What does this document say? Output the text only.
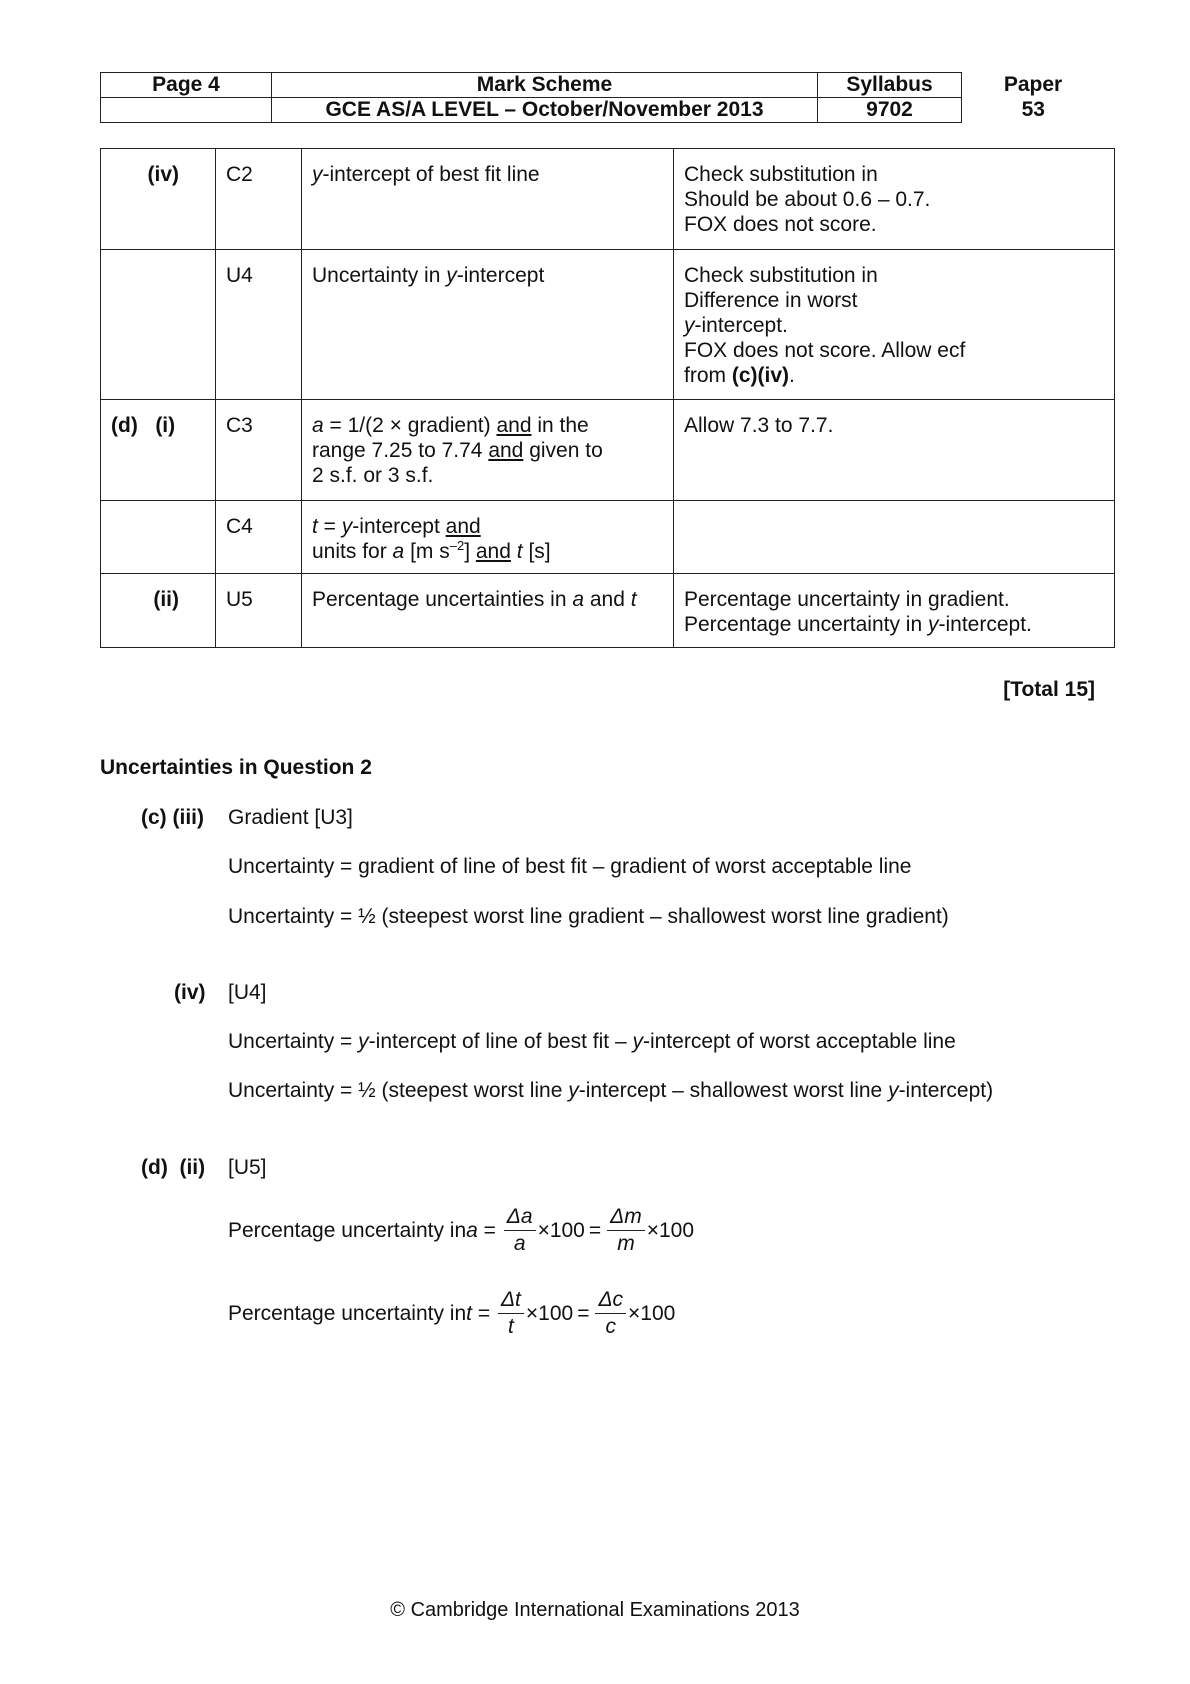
Page 4	Mark Scheme	Syllabus	Paper
	GCE AS/A LEVEL – October/November 2013	9702	53
(iv)	C2	y-intercept of best fit line	Check substitution in
Should be about 0.6 – 0.7.
FOX does not score.
	U4	Uncertainty in y-intercept	Check substitution in
Difference in worst
y-intercept.
FOX does not score. Allow ecf
from (c)(iv).
(d)   (i)	C3	a = 1/(2 × gradient) and in the
range 7.25 to 7.74 and given to
2 s.f. or 3 s.f.	Allow 7.3 to 7.7.
	C4	t = y-intercept and
units for a [m $s^{-2}$] and t [s]	
(ii)	U5	Percentage uncertainties in a and t	Percentage uncertainty in gradient.
Percentage uncertainty in y-intercept.
[Total 15]
Uncertainties in Question 2
(c) (iii) Gradient [U3]
Uncertainty = gradient of line of best fit – gradient of worst acceptable line
Uncertainty = ½ (steepest worst line gradient – shallowest worst line gradient)
(iv) [U4]
Uncertainty = y-intercept of line of best fit – y-intercept of worst acceptable line
Uncertainty = ½ (steepest worst line y-intercept – shallowest worst line y-intercept)
(d)  (ii) [U5]
Percentage uncertainty in $a = \frac{\Delta a}{a} \times 100 = \frac{\Delta m}{m} \times 100$
Percentage uncertainty in $t = \frac{\Delta t}{t} \times 100 = \frac{\Delta c}{c} \times 100$
© Cambridge International Examinations 2013
